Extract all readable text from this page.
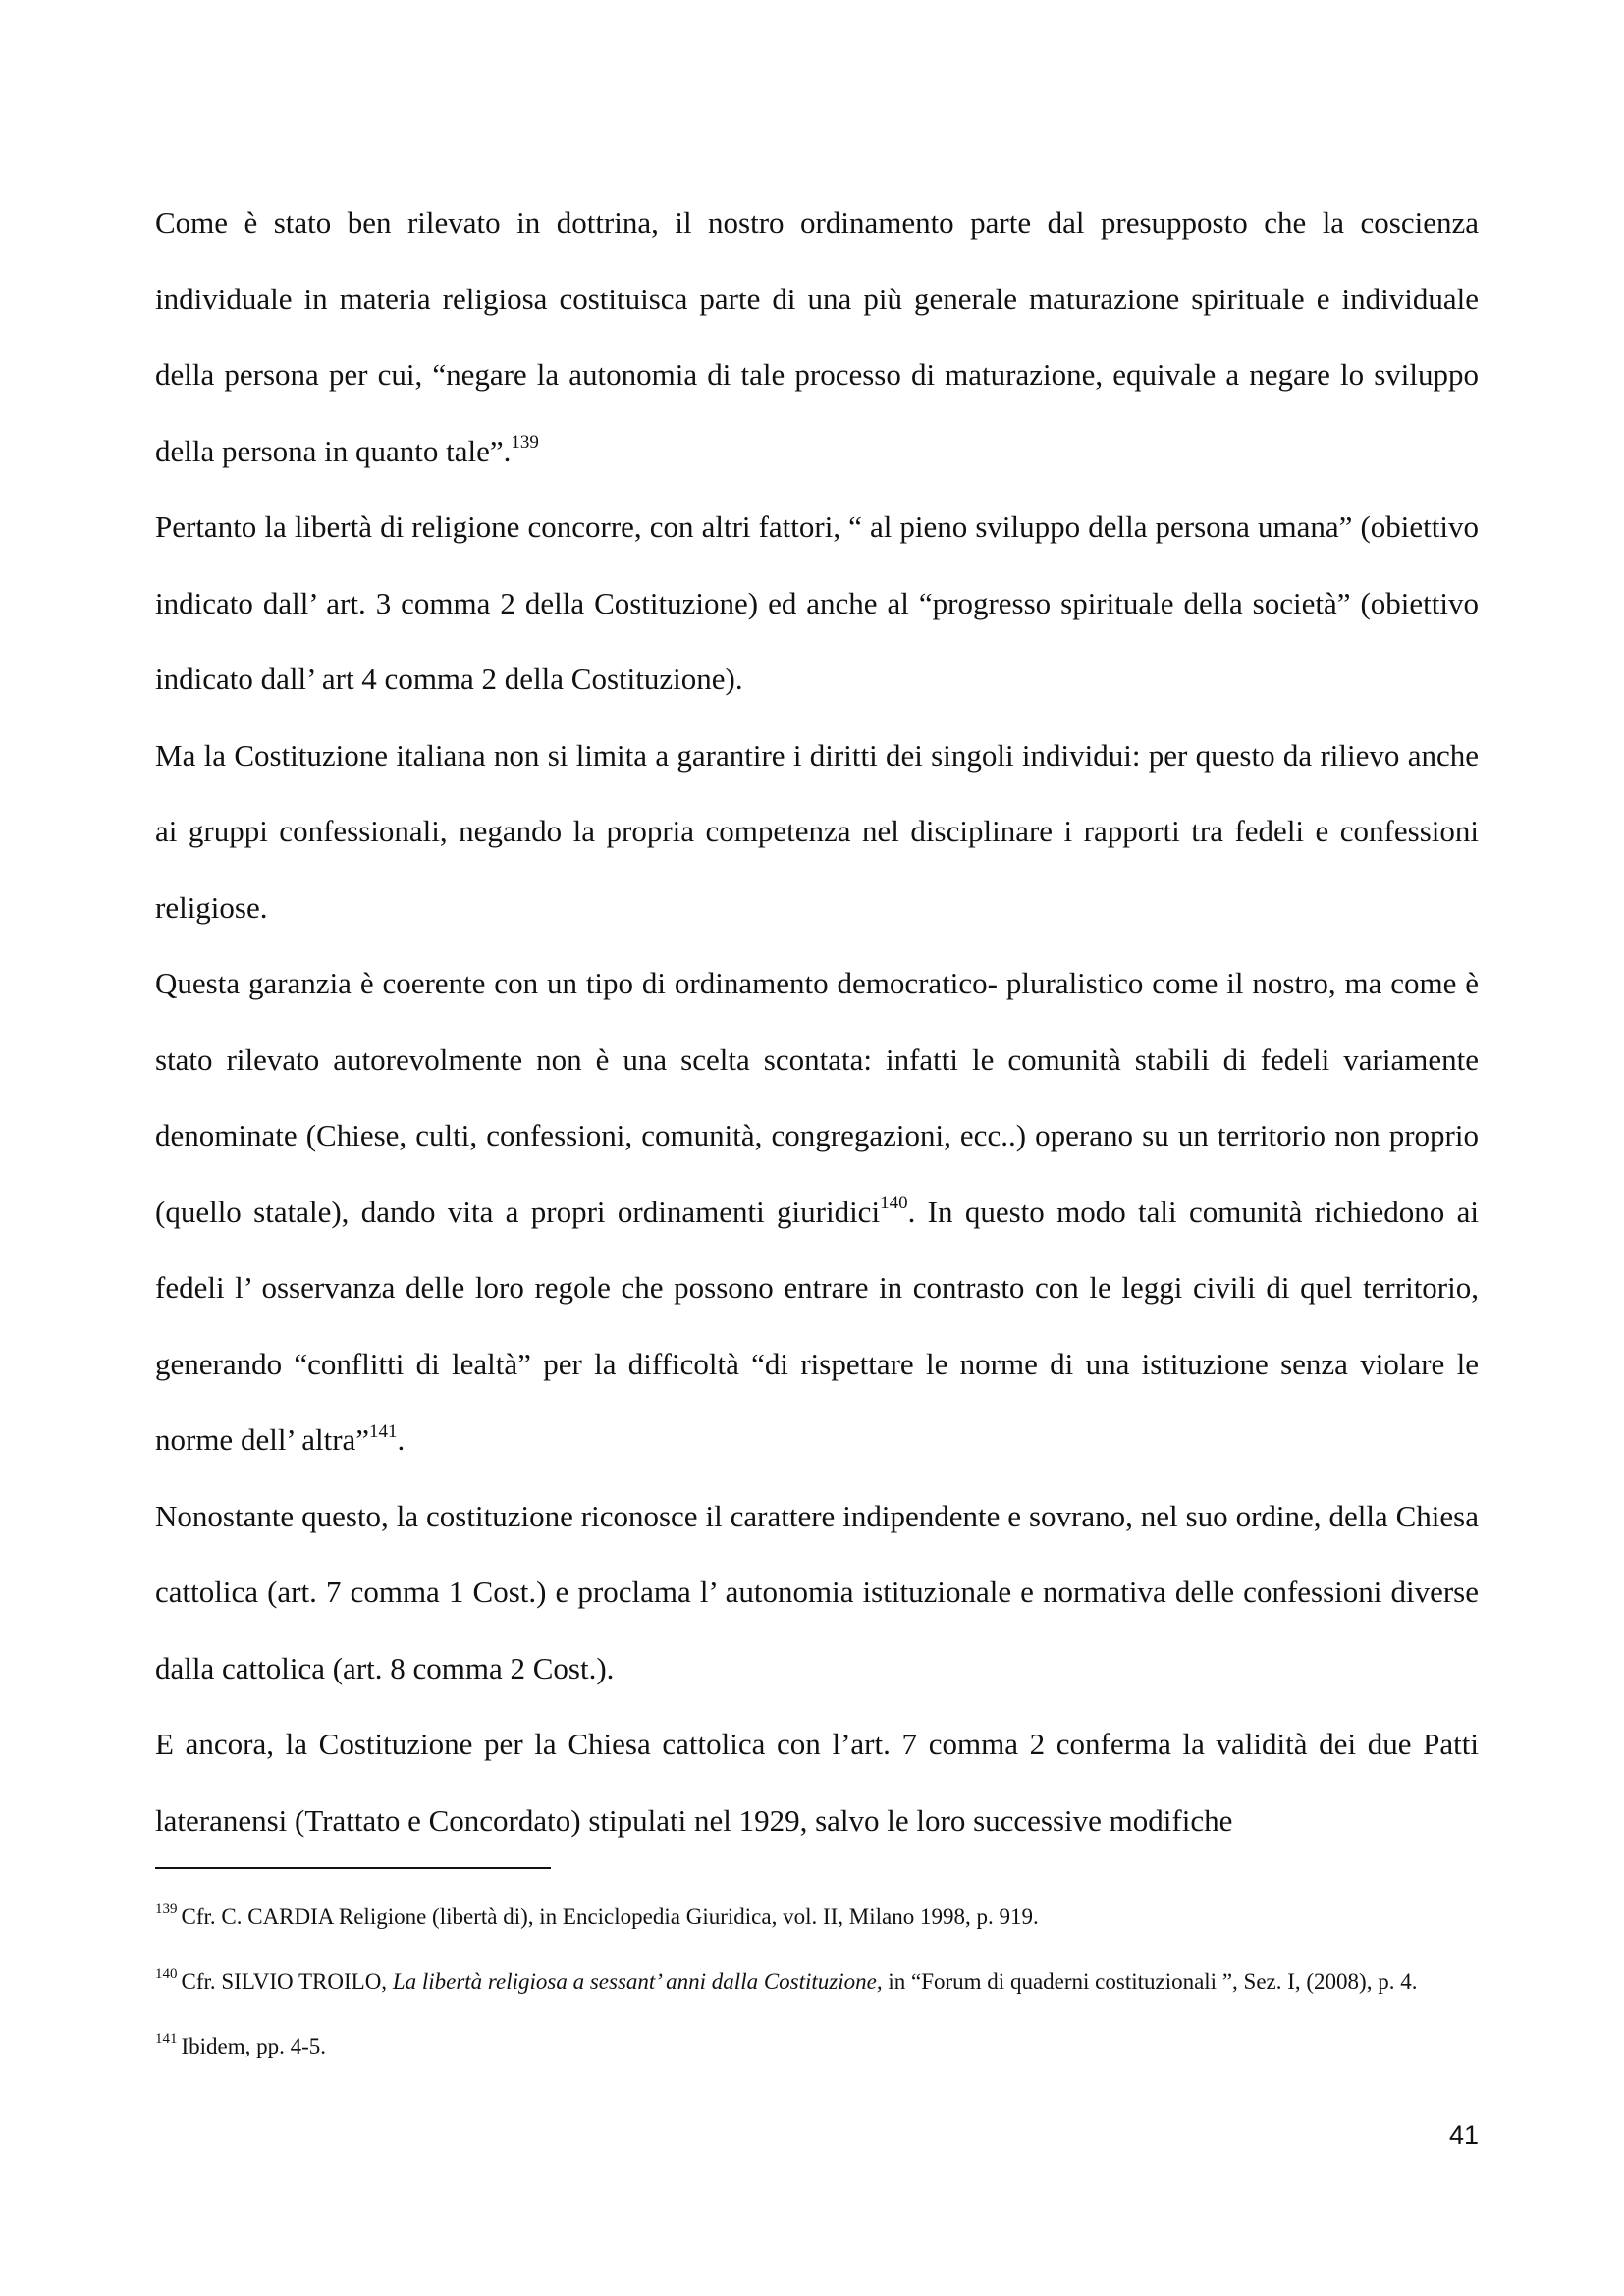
Come è stato ben rilevato in dottrina, il nostro ordinamento parte dal presupposto che la coscienza individuale in materia religiosa costituisca parte di una più generale maturazione spirituale e individuale della persona per cui, “negare la autonomia di tale processo di maturazione, equivale a negare lo sviluppo della persona in quanto tale”.$^{139}$

Pertanto la libertà di religione concorre, con altri fattori, “ al pieno sviluppo della persona umana” (obiettivo indicato dall’ art. 3 comma 2 della Costituzione) ed anche al “progresso spirituale della società” (obiettivo indicato dall’ art 4 comma 2 della Costituzione).

Ma la Costituzione italiana non si limita a garantire i diritti dei singoli individui: per questo da rilievo anche ai gruppi confessionali, negando la propria competenza nel disciplinare i rapporti tra fedeli e confessioni religiose.

Questa garanzia è coerente con un tipo di ordinamento democratico- pluralistico come il nostro, ma come è stato rilevato autorevolmente non è una scelta scontata: infatti le comunità stabili di fedeli variamente denominate (Chiese, culti, confessioni, comunità, congregazioni, ecc..) operano su un territorio non proprio (quello statale), dando vita a propri ordinamenti giuridici$^{140}$. In questo modo tali comunità richiedono ai fedeli l’ osservanza delle loro regole che possono entrare in contrasto con le leggi civili di quel territorio, generando “conflitti di lealtà” per la difficoltà “di rispettare le norme di una istituzione senza violare le norme dell’ altra”$^{141}$.

Nonostante questo, la costituzione riconosce il carattere indipendente e sovrano, nel suo ordine, della Chiesa cattolica (art. 7 comma 1 Cost.) e proclama l’ autonomia istituzionale e normativa delle confessioni diverse dalla cattolica (art. 8 comma 2 Cost.).

E ancora, la Costituzione per la Chiesa cattolica con l’art. 7 comma 2 conferma la validità dei due Patti lateranensi (Trattato e Concordato) stipulati nel 1929, salvo le loro successive modifiche

$^{139}$ Cfr. C. CARDIA Religione (libertà di), in Enciclopedia Giuridica, vol. II, Milano 1998, p. 919.

$^{140}$ Cfr. SILVIO TROILO, La libertà religiosa a sessant’ anni dalla Costituzione, in “Forum di quaderni costituzionali ”, Sez. I, (2008), p. 4.

$^{141}$ Ibidem, pp. 4-5.

41
